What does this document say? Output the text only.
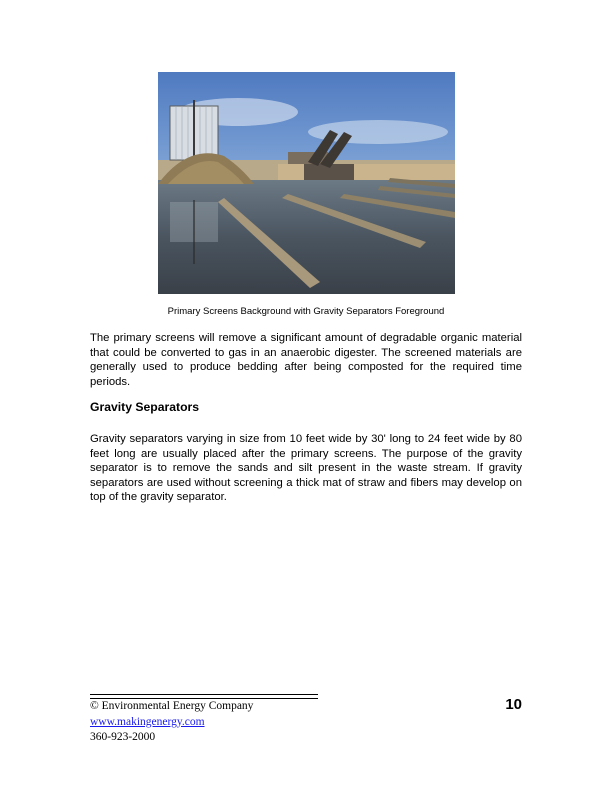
Primary Screens Background with Gravity Separators Foreground

The primary screens will remove a significant amount of degradable organic material that could be converted to gas in an anaerobic digester. The screened materials are generally used to produce bedding after being composted for the required time periods.

Gravity Separators

Gravity separators varying in size from 10 feet wide by 30' long to 24 feet wide by 80 feet long are usually placed after the primary screens. The purpose of the gravity separator is to remove the sands and silt present in the waste stream. If gravity separators are used without screening a thick mat of straw and fibers may develop on top of the gravity separator.

© Environmental Energy Company
www.makingenergy.com
360-923-2000
10
